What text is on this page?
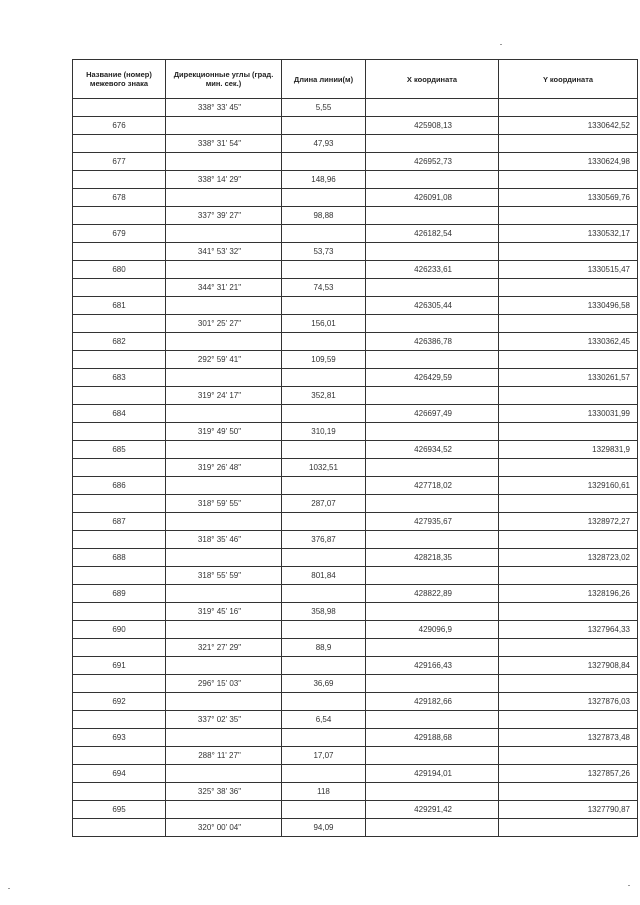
Название (номер) межевого знака	Дирекционные углы (град. мин. сек.)	Длина линии(м)	X координата	Y координата
	338° 33' 45"	5,55		
676			425908,13	1330642,52
	338° 31' 54"	47,93		
677			426952,73	1330624,98
	338° 14' 29"	148,96		
678			426091,08	1330569,76
	337° 39' 27"	98,88		
679			426182,54	1330532,17
	341° 53' 32"	53,73		
680			426233,61	1330515,47
	344° 31' 21"	74,53		
681			426305,44	1330496,58
	301° 25' 27"	156,01		
682			426386,78	1330362,45
	292° 59' 41"	109,59		
683			426429,59	1330261,57
	319° 24' 17"	352,81		
684			426697,49	1330031,99
	319° 49' 50"	310,19		
685			426934,52	1329831,9
	319° 26' 48"	1032,51		
686			427718,02	1329160,61
	318° 59' 55"	287,07		
687			427935,67	1328972,27
	318° 35' 46"	376,87		
688			428218,35	1328723,02
	318° 55' 59"	801,84		
689			428822,89	1328196,26
	319° 45' 16"	358,98		
690			429096,9	1327964,33
	321° 27' 29"	88,9		
691			429166,43	1327908,84
	296° 15' 03"	36,69		
692			429182,66	1327876,03
	337° 02' 35"	6,54		
693			429188,68	1327873,48
	288° 11' 27"	17,07		
694			429194,01	1327857,26
	325° 38' 36"	118		
695			429291,42	1327790,87
	320° 00' 04"	94,09		
